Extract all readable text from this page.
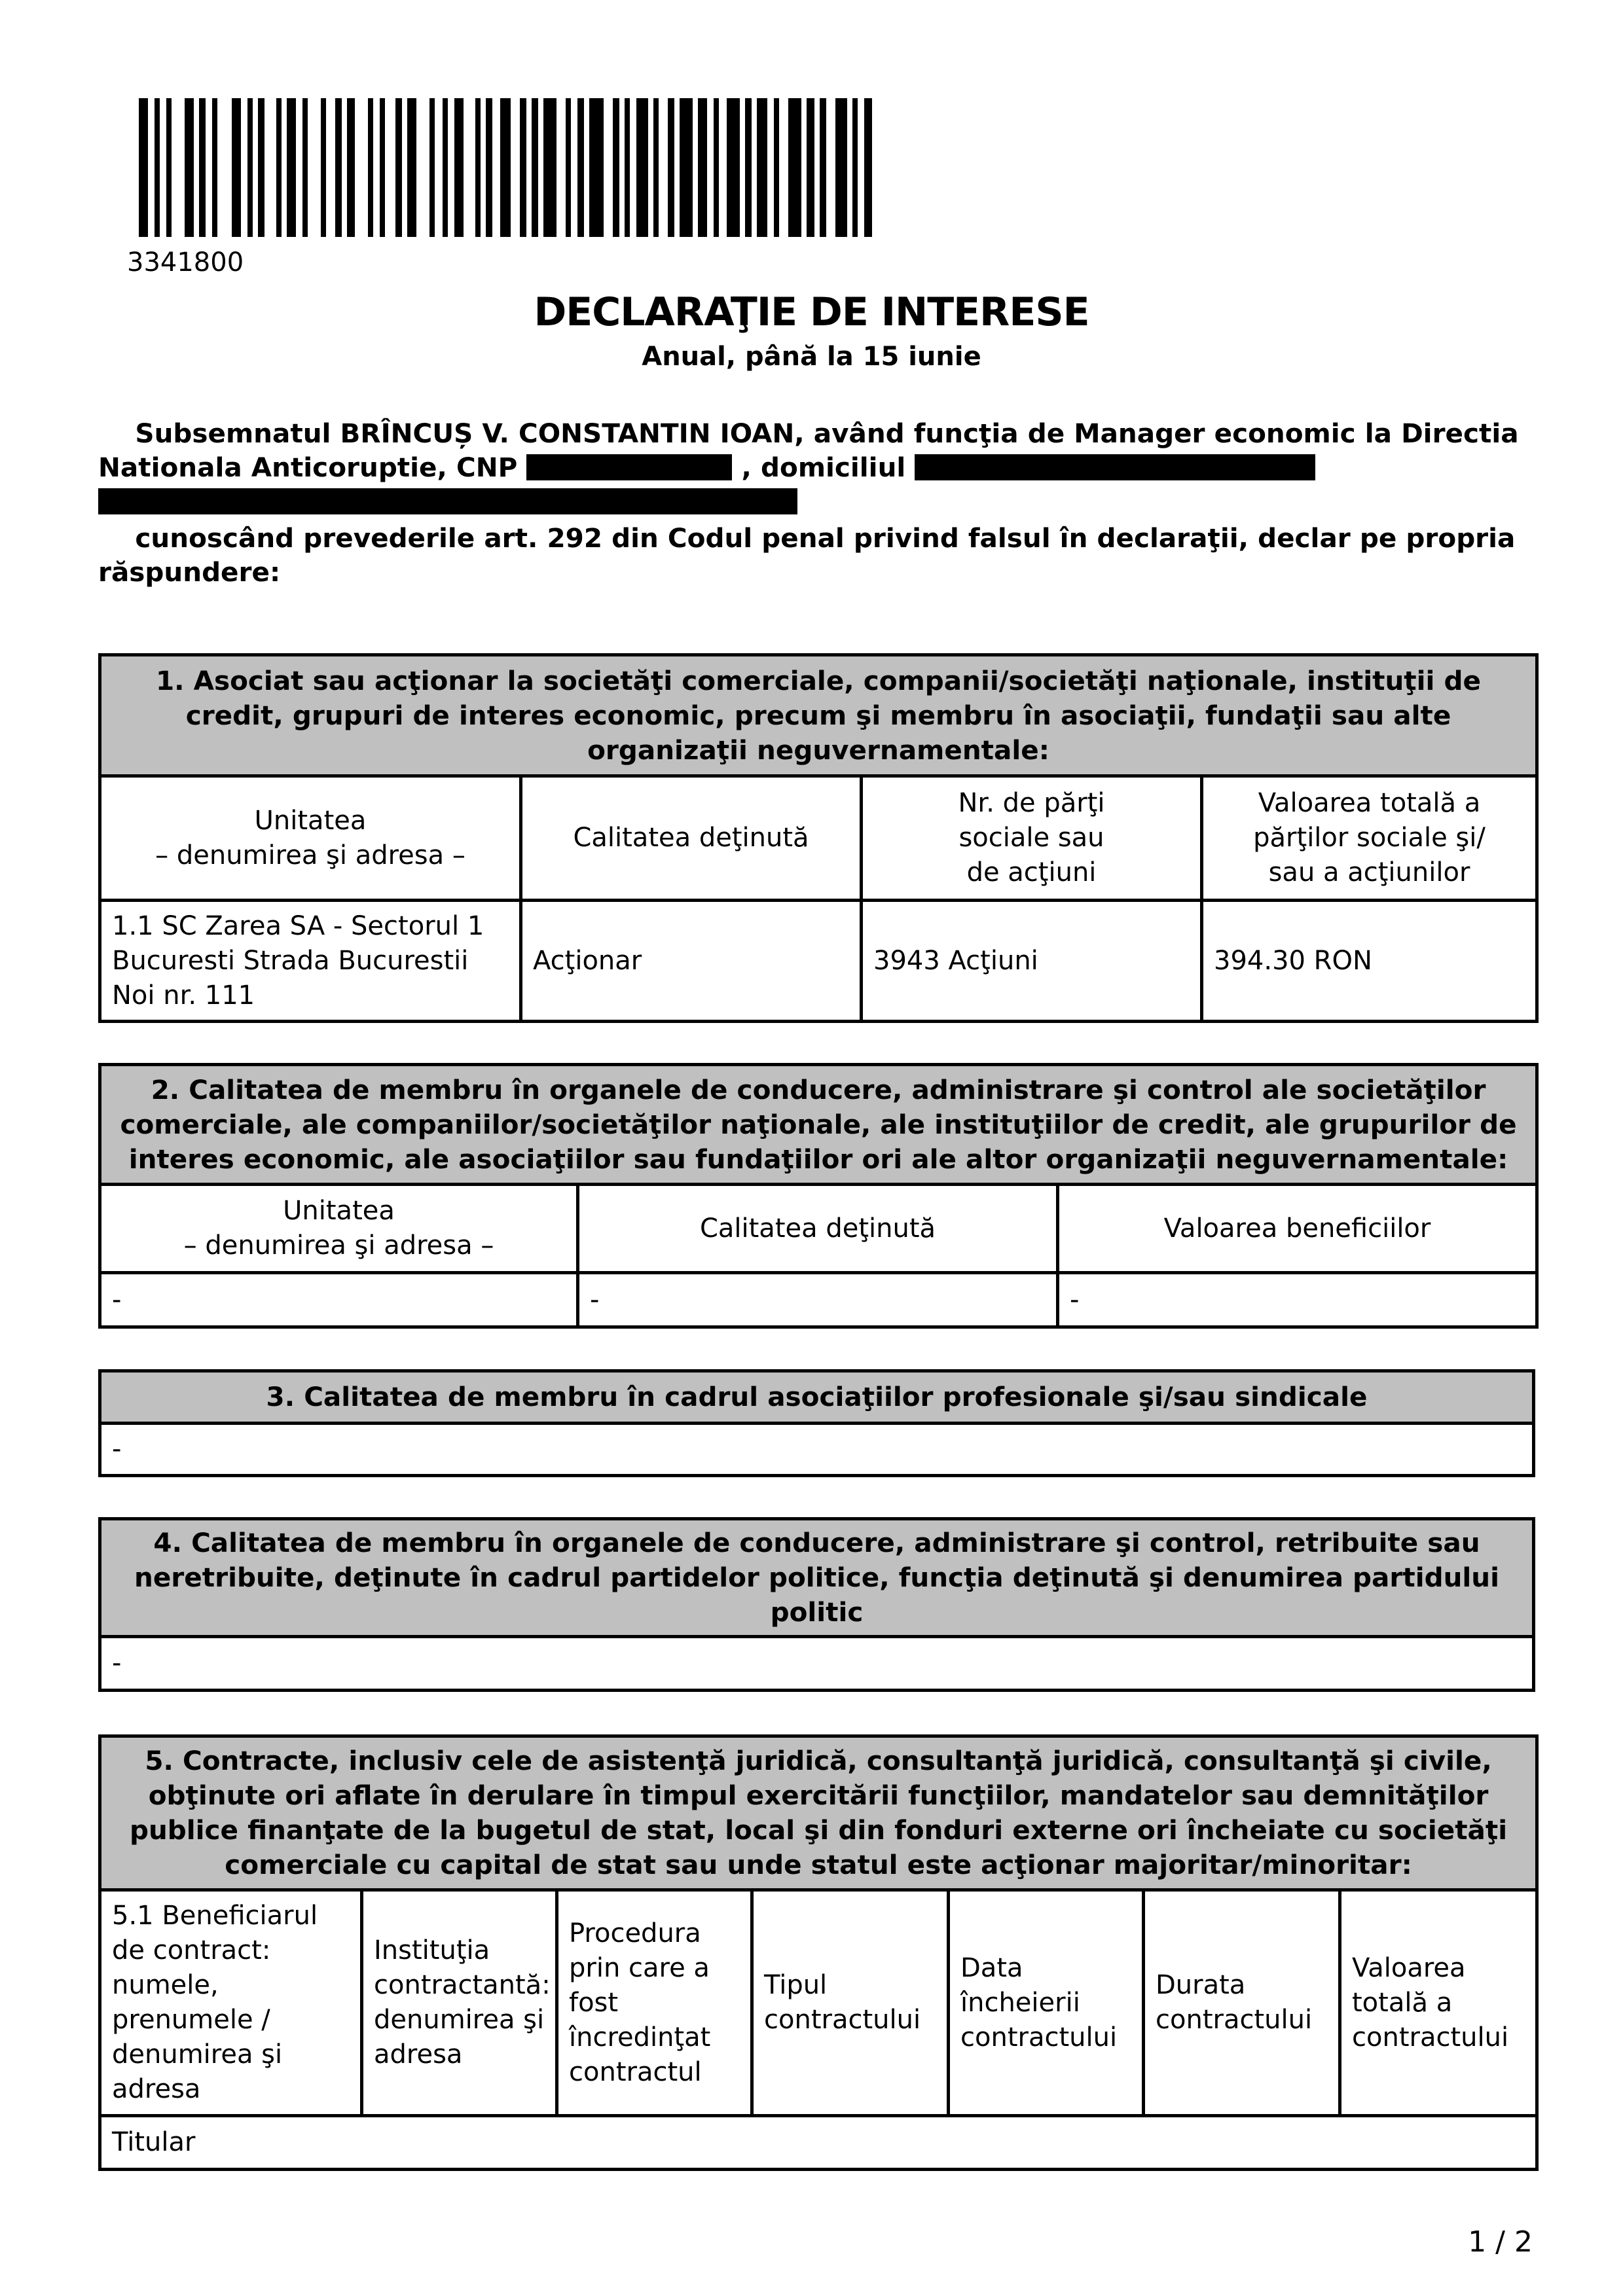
3341800
DECLARAŢIE DE INTERESE
Anual, până la 15 iunie
Subsemnatul BRÎNCUȘ V. CONSTANTIN IOAN, având funcţia de Manager economic la Directia Nationala Anticoruptie, CNP	, domiciliul

cunoscând prevederile art. 292 din Codul penal privind falsul în declaraţii, declar pe propria răspundere:
1. Asociat sau acţionar la societăţi comerciale, companii/societăţi naţionale, instituţii de credit, grupuri de interes economic, precum şi membru în asociaţii, fundaţii sau alte organizaţii neguvernamentale:			
Unitatea
– denumirea şi adresa –	Calitatea deţinută	Nr. de părţi
sociale sau
de acţiuni	Valoarea totală a
părţilor sociale şi/
sau a acţiunilor
1.1 SC Zarea SA - Sectorul 1 Bucuresti Strada Bucurestii Noi nr. 111	Acţionar	3943 Acţiuni	394.30 RON
2. Calitatea de membru în organele de conducere, administrare şi control ale societăţilor comerciale, ale companiilor/societăţilor naţionale, ale instituţiilor de credit, ale grupurilor de interes economic, ale asociaţiilor sau fundaţiilor ori ale altor organizaţii neguvernamentale:		
Unitatea
– denumirea şi adresa –	Calitatea deţinută	Valoarea beneficiilor
-	-	-
3. Calitatea de membru în cadrul asociaţiilor profesionale şi/sau sindicale
-
4. Calitatea de membru în organele de conducere, administrare şi control, retribuite sau neretribuite, deţinute în cadrul partidelor politice, funcţia deţinută şi denumirea partidului politic
-
5. Contracte, inclusiv cele de asistenţă juridică, consultanţă juridică, consultanţă şi civile, obţinute ori aflate în derulare în timpul exercitării funcţiilor, mandatelor sau demnităţilor publice finanţate de la bugetul de stat, local şi din fonduri externe ori încheiate cu societăţi comerciale cu capital de stat sau unde statul este acţionar majoritar/minoritar:
5.1 Beneficiarul de contract: numele, prenumele / denumirea şi adresa	Instituţia contractantă: denumirea şi adresa	Procedura prin care a fost încredinţat contractul	Tipul contractului	Data încheierii contractului	Durata contractului	Valoarea totală a contractului
Titular
1 / 2
